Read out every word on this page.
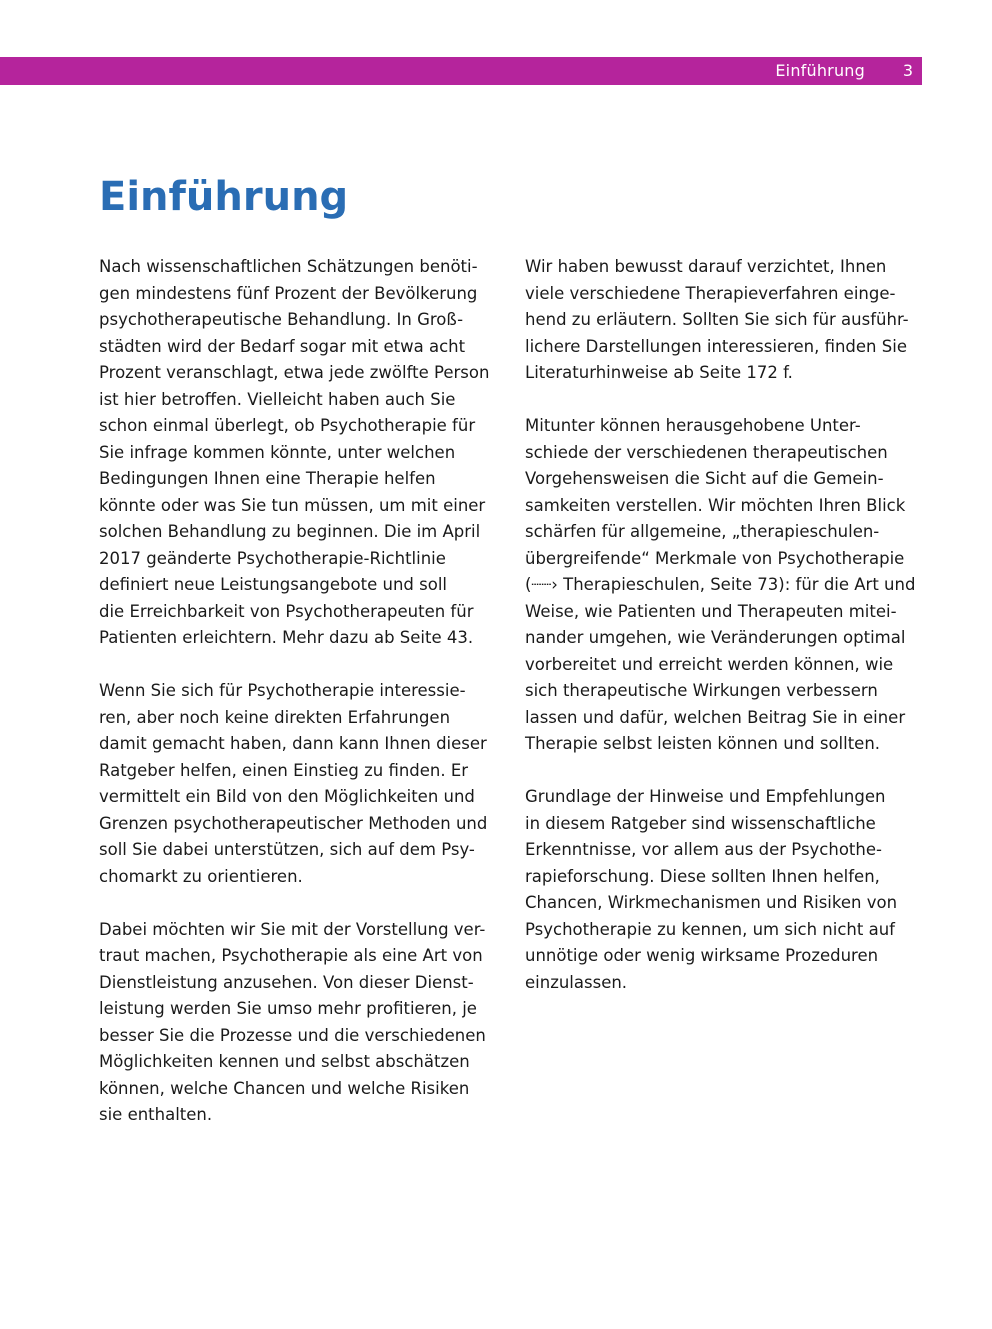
Einführung 3
Einführung

Nach wissenschaftlichen Schätzungen benöti-
gen mindestens fünf Prozent der Bevölkerung
psychotherapeutische Behandlung. In Groß-
städten wird der Bedarf sogar mit etwa acht
Prozent veranschlagt, etwa jede zwölfte Person
ist hier betroffen. Vielleicht haben auch Sie
schon einmal überlegt, ob Psychotherapie für
Sie infrage kommen könnte, unter welchen
Bedingungen Ihnen eine Therapie helfen
könnte oder was Sie tun müssen, um mit einer
solchen Behandlung zu beginnen. Die im April
2017 geänderte Psychotherapie-Richtlinie
definiert neue Leistungsangebote und soll
die Erreichbarkeit von Psychotherapeuten für
Patienten erleichtern. Mehr dazu ab Seite 43.

Wenn Sie sich für Psychotherapie interessie-
ren, aber noch keine direkten Erfahrungen
damit gemacht haben, dann kann Ihnen dieser
Ratgeber helfen, einen Einstieg zu finden. Er
vermittelt ein Bild von den Möglichkeiten und
Grenzen psychotherapeutischer Methoden und
soll Sie dabei unterstützen, sich auf dem Psy-
chomarkt zu orientieren.

Dabei möchten wir Sie mit der Vorstellung ver-
traut machen, Psychotherapie als eine Art von
Dienstleistung anzusehen. Von dieser Dienst-
leistung werden Sie umso mehr profitieren, je
besser Sie die Prozesse und die verschiedenen
Möglichkeiten kennen und selbst abschätzen
können, welche Chancen und welche Risiken
sie enthalten.

Wir haben bewusst darauf verzichtet, Ihnen
viele verschiedene Therapieverfahren einge-
hend zu erläutern. Sollten Sie sich für ausführ-
lichere Darstellungen interessieren, finden Sie
Literaturhinweise ab Seite 172 f.

Mitunter können herausgehobene Unter-
schiede der verschiedenen therapeutischen
Vorgehensweisen die Sicht auf die Gemein-
samkeiten verstellen. Wir möchten Ihren Blick
schärfen für allgemeine, „therapieschulen-
übergreifende“ Merkmale von Psychotherapie
(┈┈› Therapieschulen, Seite 73): für die Art und
Weise, wie Patienten und Therapeuten mitei-
nander umgehen, wie Veränderungen optimal
vorbereitet und erreicht werden können, wie
sich therapeutische Wirkungen verbessern
lassen und dafür, welchen Beitrag Sie in einer
Therapie selbst leisten können und sollten.

Grundlage der Hinweise und Empfehlungen
in diesem Ratgeber sind wissenschaftliche
Erkenntnisse, vor allem aus der Psychothe-
rapieforschung. Diese sollten Ihnen helfen,
Chancen, Wirkmechanismen und Risiken von
Psychotherapie zu kennen, um sich nicht auf
unnötige oder wenig wirksame Prozeduren
einzulassen.
